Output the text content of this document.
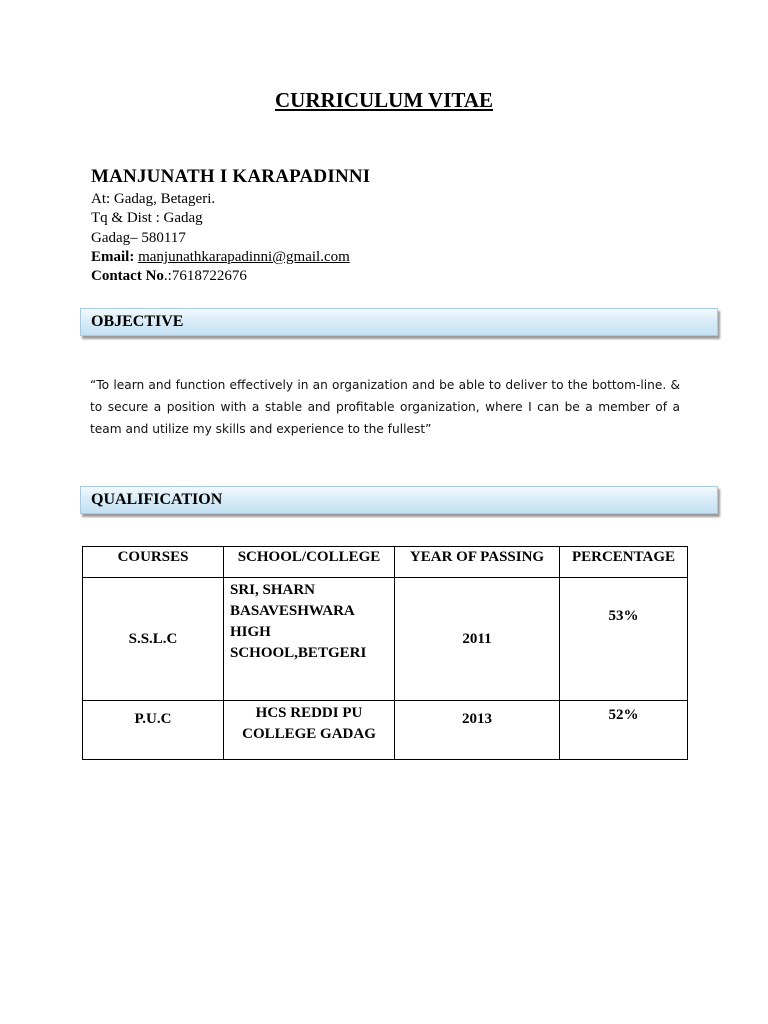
CURRICULUM VITAE
MANJUNATH I KARAPADINNI
At: Gadag, Betageri.
Tq & Dist : Gadag
Gadag– 580117
Email: manjunathkarapadinni@gmail.com
Contact No.:7618722676
OBJECTIVE
“To learn and function effectively in an organization and be able to deliver to the bottom-line. & to secure a position with a stable and profitable organization, where I can be a member of a team and utilize my skills and experience to the fullest”
QUALIFICATION
COURSES	SCHOOL/COLLEGE	YEAR OF PASSING	PERCENTAGE
S.S.L.C	SRI, SHARN BASAVESHWARA HIGH SCHOOL,BETGERI	2011	53%
P.U.C	HCS REDDI PU COLLEGE GADAG	2013	52%
